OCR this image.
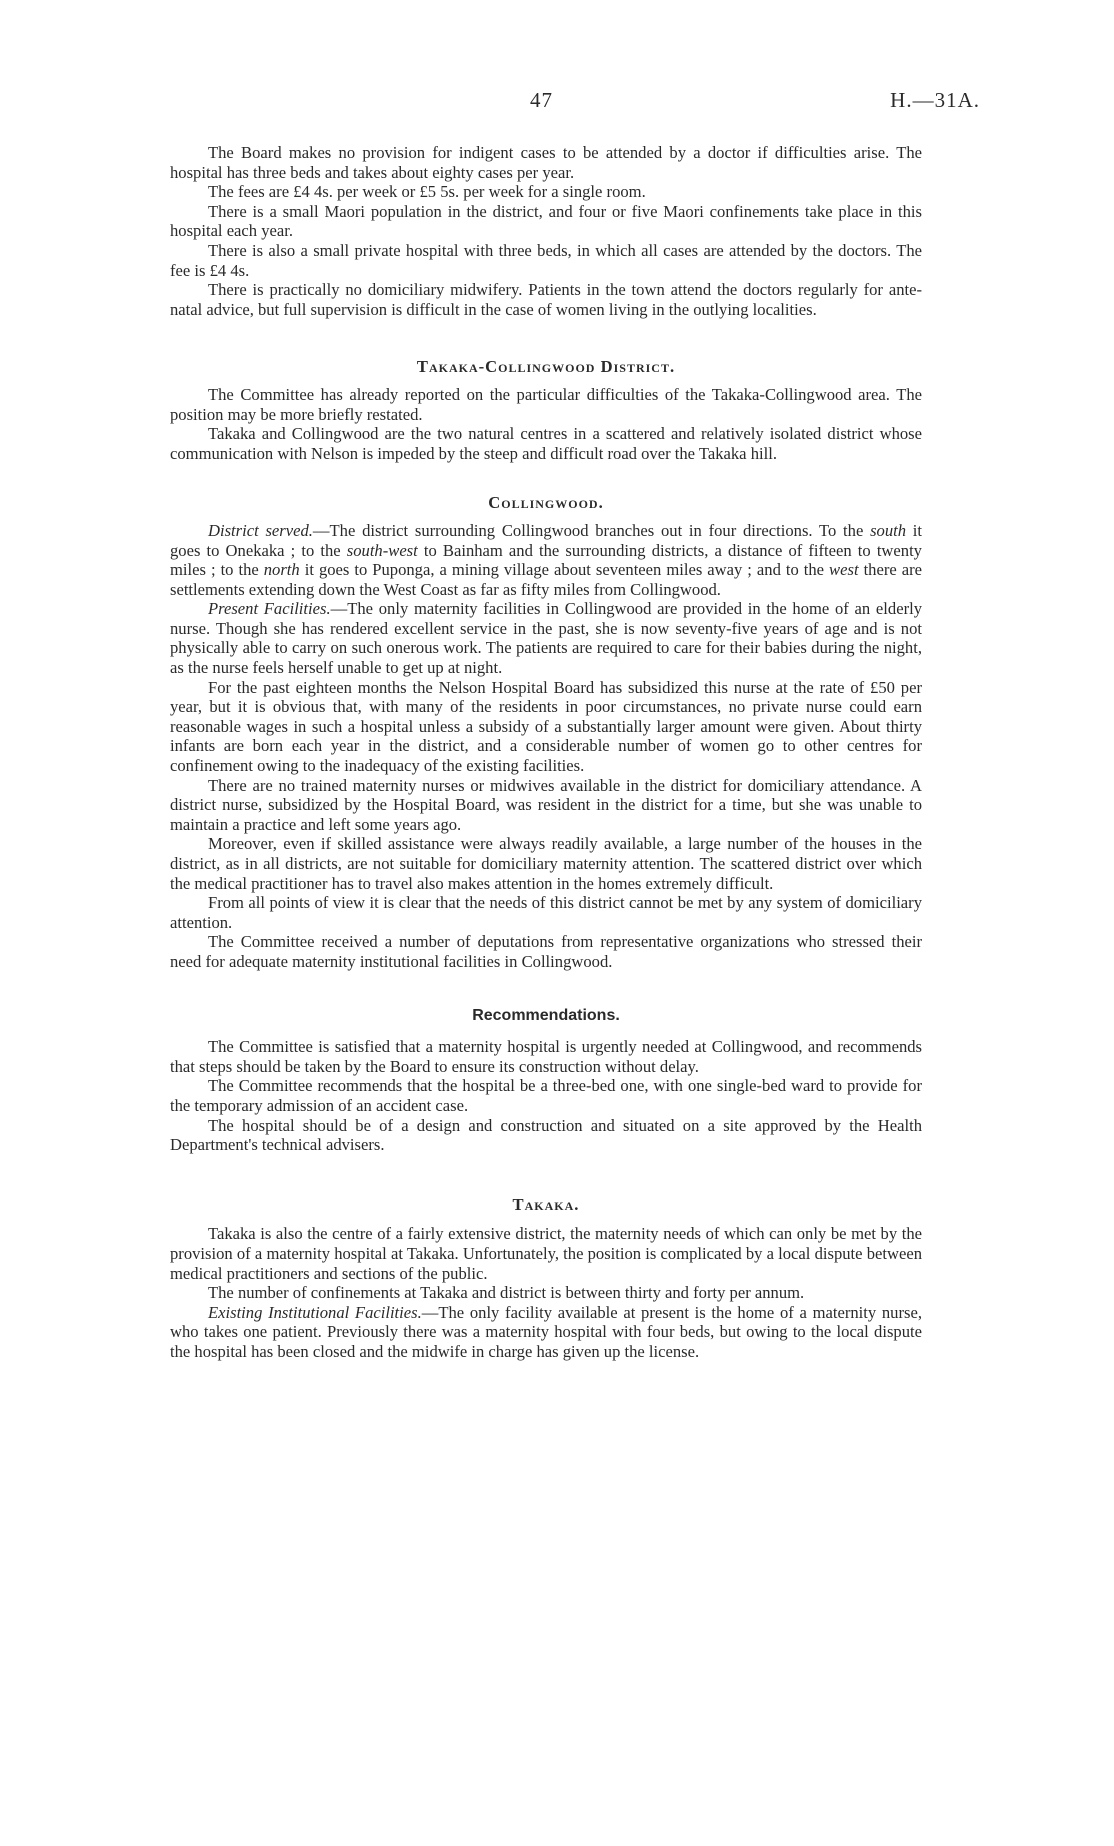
47	H.—31A.

The Board makes no provision for indigent cases to be attended by a doctor if difficulties arise. The hospital has three beds and takes about eighty cases per year.

The fees are £4 4s. per week or £5 5s. per week for a single room.

There is a small Maori population in the district, and four or five Maori confinements take place in this hospital each year.

There is also a small private hospital with three beds, in which all cases are attended by the doctors. The fee is £4 4s.

There is practically no domiciliary midwifery. Patients in the town attend the doctors regularly for ante-natal advice, but full supervision is difficult in the case of women living in the outlying localities.

Takaka-Collingwood District.

The Committee has already reported on the particular difficulties of the Takaka-Collingwood area. The position may be more briefly restated.

Takaka and Collingwood are the two natural centres in a scattered and relatively isolated district whose communication with Nelson is impeded by the steep and difficult road over the Takaka hill.

Collingwood.

District served.—The district surrounding Collingwood branches out in four directions. To the south it goes to Onekaka ; to the south-west to Bainham and the surrounding districts, a distance of fifteen to twenty miles ; to the north it goes to Puponga, a mining village about seventeen miles away ; and to the west there are settlements extending down the West Coast as far as fifty miles from Collingwood.

Present Facilities.—The only maternity facilities in Collingwood are provided in the home of an elderly nurse. Though she has rendered excellent service in the past, she is now seventy-five years of age and is not physically able to carry on such onerous work. The patients are required to care for their babies during the night, as the nurse feels herself unable to get up at night.

For the past eighteen months the Nelson Hospital Board has subsidized this nurse at the rate of £50 per year, but it is obvious that, with many of the residents in poor circumstances, no private nurse could earn reasonable wages in such a hospital unless a subsidy of a substantially larger amount were given. About thirty infants are born each year in the district, and a considerable number of women go to other centres for confinement owing to the inadequacy of the existing facilities.

There are no trained maternity nurses or midwives available in the district for domiciliary attendance. A district nurse, subsidized by the Hospital Board, was resident in the district for a time, but she was unable to maintain a practice and left some years ago.

Moreover, even if skilled assistance were always readily available, a large number of the houses in the district, as in all districts, are not suitable for domiciliary maternity attention. The scattered district over which the medical practitioner has to travel also makes attention in the homes extremely difficult.

From all points of view it is clear that the needs of this district cannot be met by any system of domiciliary attention.

The Committee received a number of deputations from representative organizations who stressed their need for adequate maternity institutional facilities in Collingwood.

Recommendations.

The Committee is satisfied that a maternity hospital is urgently needed at Collingwood, and recommends that steps should be taken by the Board to ensure its construction without delay.

The Committee recommends that the hospital be a three-bed one, with one single-bed ward to provide for the temporary admission of an accident case.

The hospital should be of a design and construction and situated on a site approved by the Health Department's technical advisers.

Takaka.

Takaka is also the centre of a fairly extensive district, the maternity needs of which can only be met by the provision of a maternity hospital at Takaka. Unfortunately, the position is complicated by a local dispute between medical practitioners and sections of the public.

The number of confinements at Takaka and district is between thirty and forty per annum.

Existing Institutional Facilities.—The only facility available at present is the home of a maternity nurse, who takes one patient. Previously there was a maternity hospital with four beds, but owing to the local dispute the hospital has been closed and the midwife in charge has given up the license.
